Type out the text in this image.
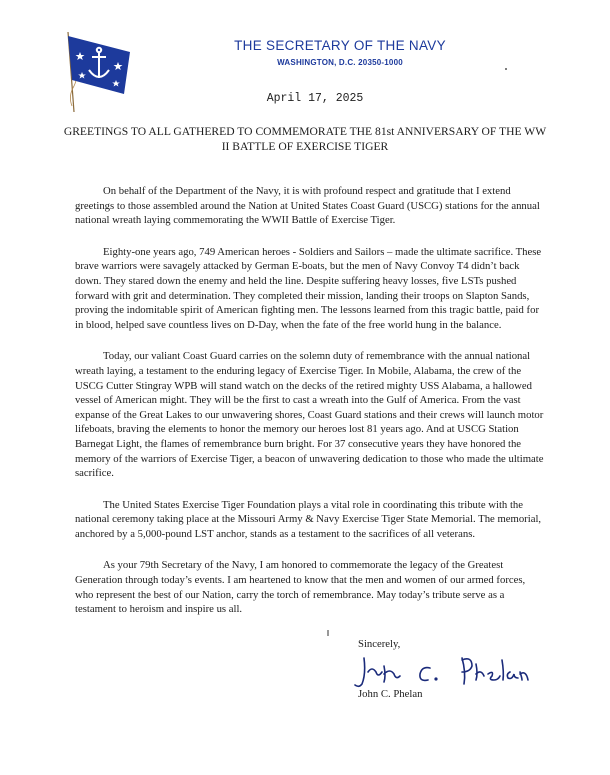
THE SECRETARY OF THE NAVY
WASHINGTON, D.C. 20350-1000
April 17, 2025
GREETINGS TO ALL GATHERED TO COMMEMORATE THE 81st ANNIVERSARY OF THE WW II BATTLE OF EXERCISE TIGER

On behalf of the Department of the Navy, it is with profound respect and gratitude that I extend greetings to those assembled around the Nation at United States Coast Guard (USCG) stations for the annual national wreath laying commemorating the WWII Battle of Exercise Tiger.

Eighty-one years ago, 749 American heroes - Soldiers and Sailors – made the ultimate sacrifice. These brave warriors were savagely attacked by German E-boats, but the men of Navy Convoy T4 didn’t back down. They stared down the enemy and held the line. Despite suffering heavy losses, five LSTs pushed forward with grit and determination. They completed their mission, landing their troops on Slapton Sands, proving the indomitable spirit of American fighting men. The lessons learned from this tragic battle, paid for in blood, helped save countless lives on D-Day, when the fate of the free world hung in the balance.

Today, our valiant Coast Guard carries on the solemn duty of remembrance with the annual national wreath laying, a testament to the enduring legacy of Exercise Tiger. In Mobile, Alabama, the crew of the USCG Cutter Stingray WPB will stand watch on the decks of the retired mighty USS Alabama, a hallowed vessel of American might. They will be the first to cast a wreath into the Gulf of America. From the vast expanse of the Great Lakes to our unwavering shores, Coast Guard stations and their crews will launch motor lifeboats, braving the elements to honor the memory our heroes lost 81 years ago. And at USCG Station Barnegat Light, the flames of remembrance burn bright. For 37 consecutive years they have honored the memory of the warriors of Exercise Tiger, a beacon of unwavering dedication to those who made the ultimate sacrifice.

The United States Exercise Tiger Foundation plays a vital role in coordinating this tribute with the national ceremony taking place at the Missouri Army & Navy Exercise Tiger State Memorial. The memorial, anchored by a 5,000-pound LST anchor, stands as a testament to the sacrifices of all veterans.

As your 79th Secretary of the Navy, I am honored to commemorate the legacy of the Greatest Generation through today’s events. I am heartened to know that the men and women of our armed forces, who represent the best of our Nation, carry the torch of remembrance. May today’s tribute serve as a testament to heroism and inspire us all.

Sincerely,
John C. Phelan
